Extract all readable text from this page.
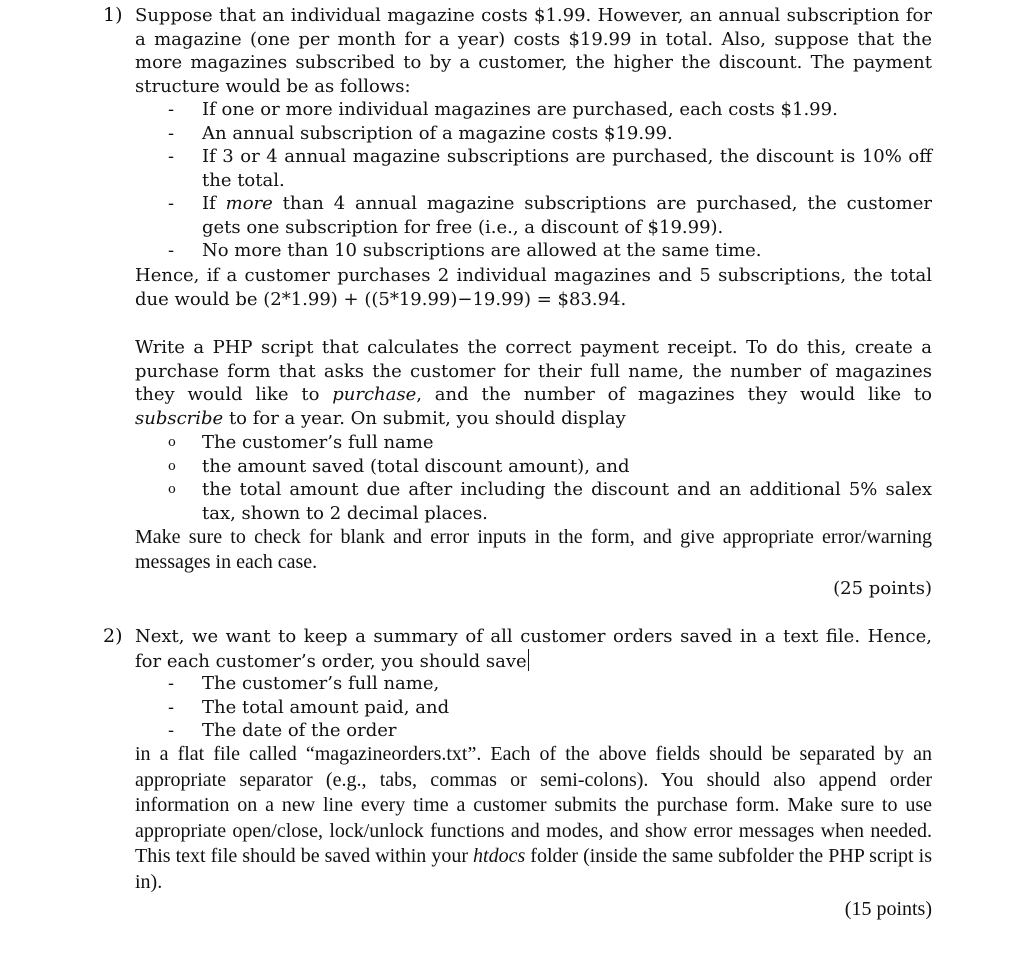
1) Suppose that an individual magazine costs $1.99. However, an annual subscription for a magazine (one per month for a year) costs $19.99 in total. Also, suppose that the more magazines subscribed to by a customer, the higher the discount. The payment structure would be as follows:

-	If one or more individual magazines are purchased, each costs $1.99.
-	An annual subscription of a magazine costs $19.99.
-	If 3 or 4 annual magazine subscriptions are purchased, the discount is 10% off the total.
-	If more than 4 annual magazine subscriptions are purchased, the customer gets one subscription for free (i.e., a discount of $19.99).
-	No more than 10 subscriptions are allowed at the same time.

Hence, if a customer purchases 2 individual magazines and 5 subscriptions, the total due would be (2*1.99) + ((5*19.99)−19.99) = $83.94.

Write a PHP script that calculates the correct payment receipt. To do this, create a purchase form that asks the customer for their full name, the number of magazines they would like to purchase, and the number of magazines they would like to subscribe to for a year. On submit, you should display

o	The customer’s full name
o	the amount saved (total discount amount), and
o	the total amount due after including the discount and an additional 5% salex tax, shown to 2 decimal places.

Make sure to check for blank and error inputs in the form, and give appropriate error/warning messages in each case.

(25 points)
2) Next, we want to keep a summary of all customer orders saved in a text file. Hence, for each customer’s order, you should save

-	The customer’s full name,
-	The total amount paid, and
-	The date of the order

in a flat file called “magazineorders.txt”. Each of the above fields should be separated by an appropriate separator (e.g., tabs, commas or semi-colons). You should also append order information on a new line every time a customer submits the purchase form. Make sure to use appropriate open/close, lock/unlock functions and modes, and show error messages when needed. This text file should be saved within your htdocs folder (inside the same subfolder the PHP script is in).

(15 points)
